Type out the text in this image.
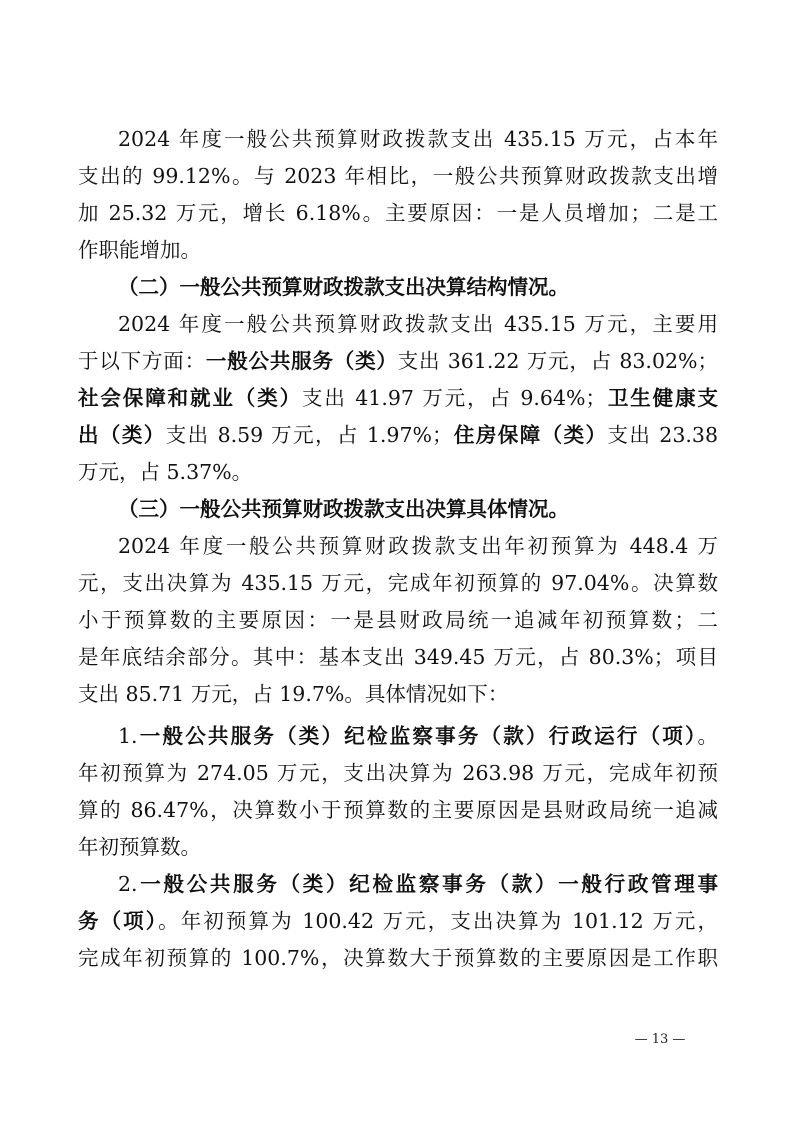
2024 年度一般公共预算财政拨款支出 435.15 万元，占本年
支出的 99.12%。与 2023 年相比，一般公共预算财政拨款支出增
加 25.32 万元，增长 6.18%。主要原因：一是人员增加；二是工
作职能增加。
（二）一般公共预算财政拨款支出决算结构情况。
2024 年度一般公共预算财政拨款支出 435.15 万元，主要用
于以下方面：一般公共服务（类）支出 361.22 万元，占 83.02%；
社会保障和就业（类）支出 41.97 万元，占 9.64%；卫生健康支
出（类）支出 8.59 万元，占 1.97%；住房保障（类）支出 23.38
万元，占 5.37%。
（三）一般公共预算财政拨款支出决算具体情况。
2024 年度一般公共预算财政拨款支出年初预算为 448.4 万
元，支出决算为 435.15 万元，完成年初预算的 97.04%。决算数
小于预算数的主要原因：一是县财政局统一追减年初预算数；二
是年底结余部分。其中：基本支出 349.45 万元，占 80.3%；项目
支出 85.71 万元，占 19.7%。具体情况如下：
1.一般公共服务（类）纪检监察事务（款）行政运行（项）。
年初预算为 274.05 万元，支出决算为 263.98 万元，完成年初预
算的 86.47%，决算数小于预算数的主要原因是县财政局统一追减
年初预算数。
2.一般公共服务（类）纪检监察事务（款）一般行政管理事
务（项）。年初预算为 100.42 万元，支出决算为 101.12 万元，
完成年初预算的 100.7%，决算数大于预算数的主要原因是工作职
— 13 —
